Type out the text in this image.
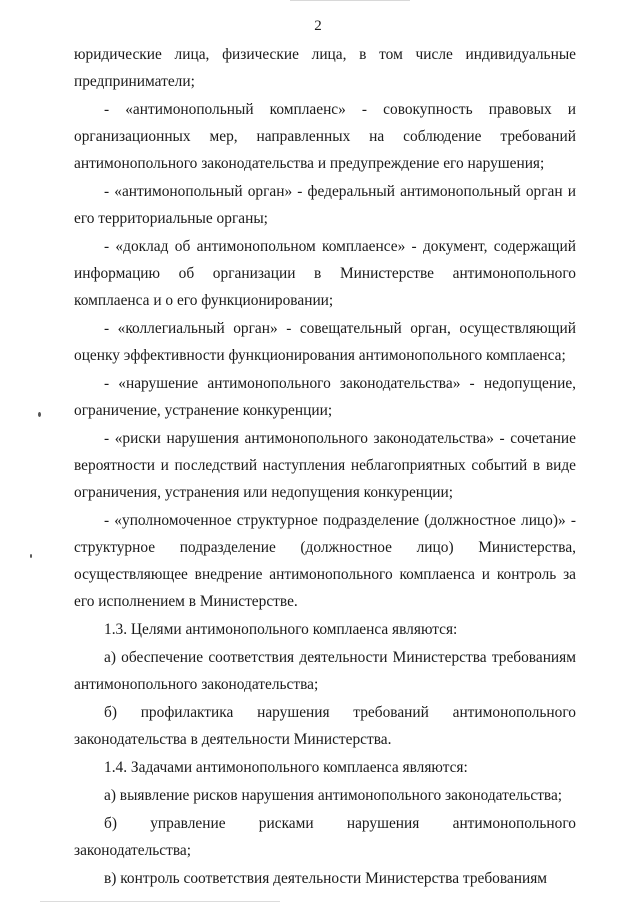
2

юридические лица, физические лица, в том числе индивидуальные предприниматели;

- «антимонопольный комплаенс» - совокупность правовых и организационных мер, направленных на соблюдение требований антимонопольного законодательства и предупреждение его нарушения;

- «антимонопольный орган» - федеральный антимонопольный орган и его территориальные органы;

- «доклад об антимонопольном комплаенсе» - документ, содержащий информацию об организации в Министерстве антимонопольного комплаенса и о его функционировании;

- «коллегиальный орган» - совещательный орган, осуществляющий оценку эффективности функционирования антимонопольного комплаенса;

- «нарушение антимонопольного законодательства» - недопущение, ограничение, устранение конкуренции;

- «риски нарушения антимонопольного законодательства» - сочетание вероятности и последствий наступления неблагоприятных событий в виде ограничения, устранения или недопущения конкуренции;

- «уполномоченное структурное подразделение (должностное лицо)» - структурное подразделение (должностное лицо) Министерства, осуществляющее внедрение антимонопольного комплаенса и контроль за его исполнением в Министерстве.

1.3. Целями антимонопольного комплаенса являются:

а) обеспечение соответствия деятельности Министерства требованиям антимонопольного законодательства;

б) профилактика нарушения требований антимонопольного законодательства в деятельности Министерства.

1.4. Задачами антимонопольного комплаенса являются:

а) выявление рисков нарушения антимонопольного законодательства;

б) управление рисками нарушения антимонопольного законодательства;

в) контроль соответствия деятельности Министерства требованиям
